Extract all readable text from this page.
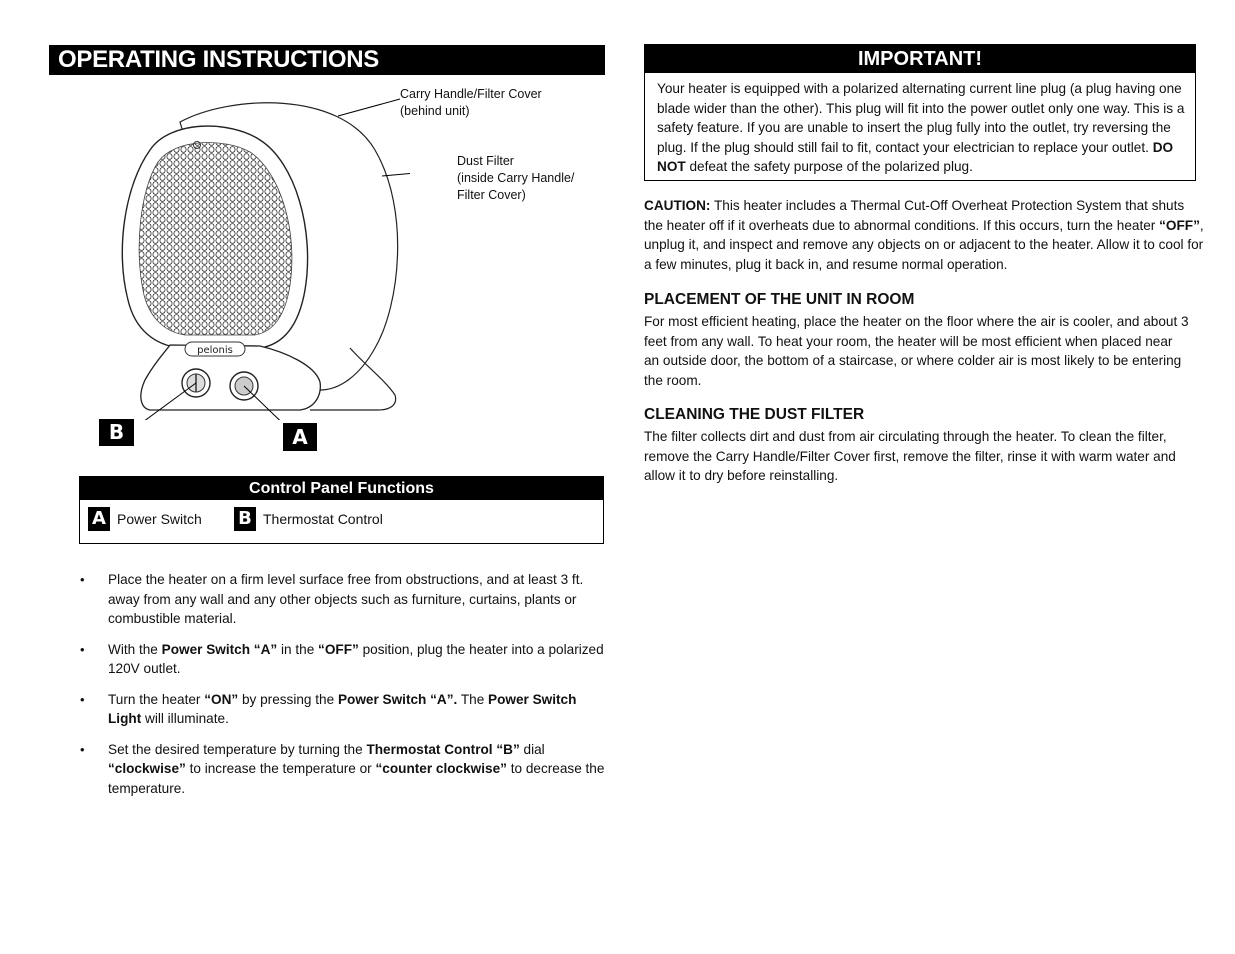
OPERATING INSTRUCTIONS
pelonis
Carry Handle/Filter Cover
(behind unit)
Dust Filter
(inside Carry Handle/
Filter Cover)
B	A
Control Panel Functions
A Power Switch B Thermostat Control
• Place the heater on a firm level surface free from obstructions, and at least 3 ft. away from any wall and any other objects such as furniture, curtains, plants or combustible material.
• With the Power Switch “A” in the “OFF” position, plug the heater into a polarized 120V outlet.
• Turn the heater “ON” by pressing the Power Switch “A”. The Power Switch Light will illuminate.
• Set the desired temperature by turning the Thermostat Control “B” dial “clockwise” to increase the temperature or “counter clockwise” to decrease the temperature.
IMPORTANT!
Your heater is equipped with a polarized alternating current line plug (a plug having one blade wider than the other). This plug will fit into the power outlet only one way. This is a safety feature. If you are unable to insert the plug fully into the outlet, try reversing the plug. If the plug should still fail to fit, contact your electrician to replace your outlet. DO NOT defeat the safety purpose of the polarized plug.
CAUTION: This heater includes a Thermal Cut-Off Overheat Protection System that shuts the heater off if it overheats due to abnormal conditions. If this occurs, turn the heater “OFF”, unplug it, and inspect and remove any objects on or adjacent to the heater. Allow it to cool for a few minutes, plug it back in, and resume normal operation.
PLACEMENT OF THE UNIT IN ROOM
For most efficient heating, place the heater on the floor where the air is cooler, and about 3 feet from any wall. To heat your room, the heater will be most efficient when placed near an outside door, the bottom of a staircase, or where colder air is most likely to be entering the room.
CLEANING THE DUST FILTER
The filter collects dirt and dust from air circulating through the heater. To clean the filter, remove the Carry Handle/Filter Cover first, remove the filter, rinse it with warm water and allow it to dry before reinstalling.
